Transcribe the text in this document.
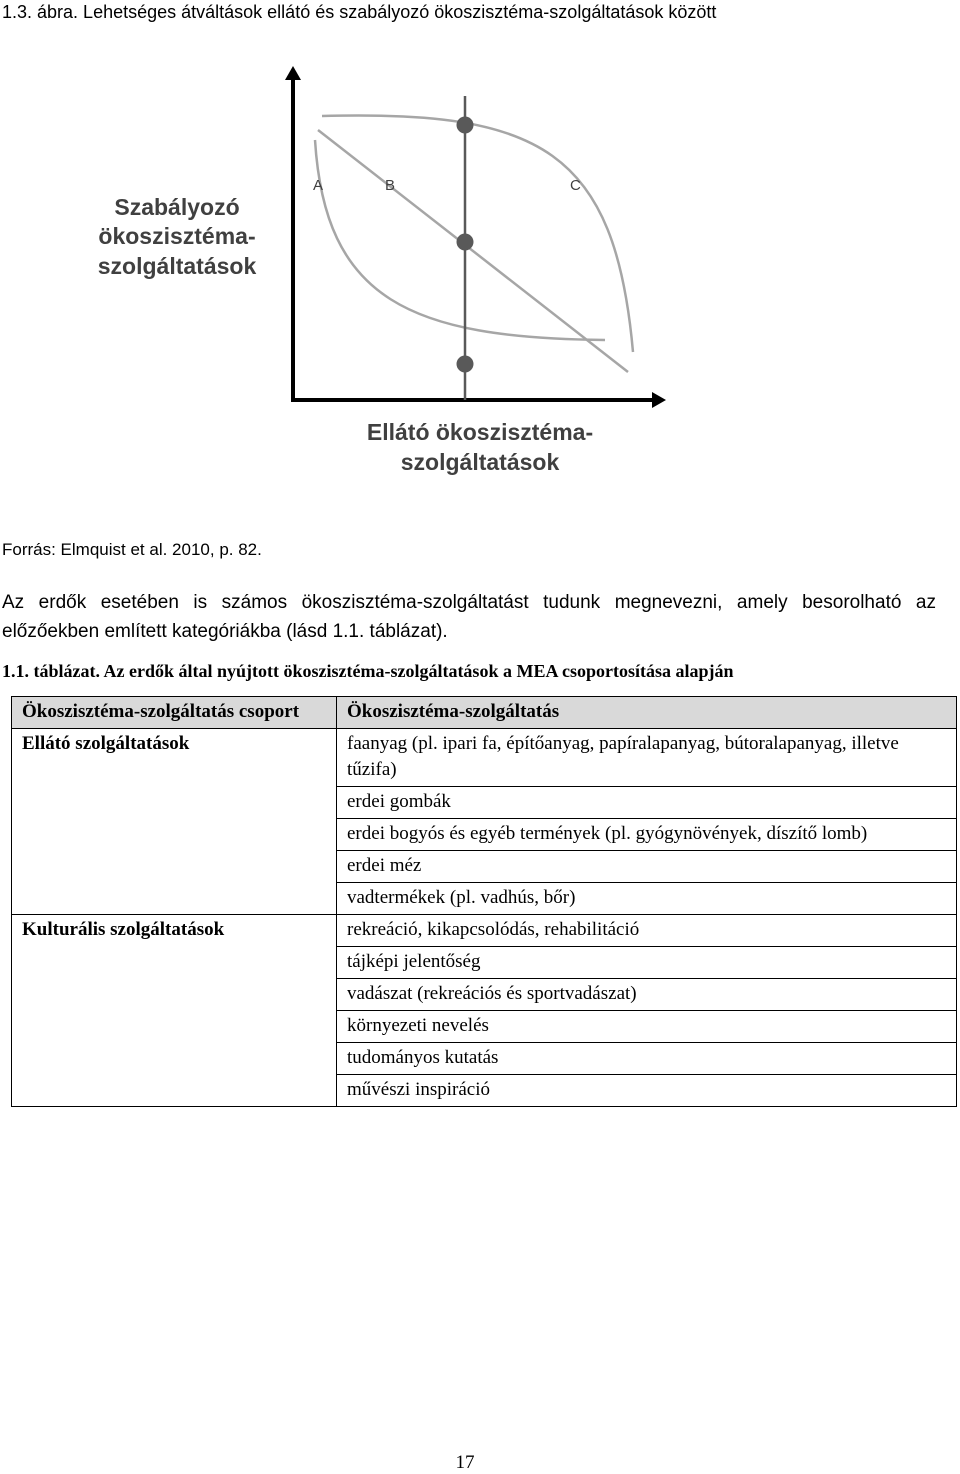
1.3. ábra. Lehetséges átváltások ellátó és szabályozó ökoszisztéma-szolgáltatások között
A	B	C
Szabályozó
ökoszisztéma-
szolgáltatások
Ellátó ökoszisztéma-
szolgáltatások
Forrás: Elmquist et al. 2010, p. 82.
Az erdők esetében is számos ökoszisztéma-szolgáltatást tudunk megnevezni, amely besorolható az előzőekben említett kategóriákba (lásd 1.1. táblázat).
1.1. táblázat. Az erdők által nyújtott ökoszisztéma-szolgáltatások a MEA csoportosítása alapján
Ökoszisztéma-szolgáltatás csoport	Ökoszisztéma-szolgáltatás
Ellátó szolgáltatások	faanyag (pl. ipari fa, építőanyag, papíralapanyag, bútoralapanyag, illetve tűzifa)
	erdei gombák
	erdei bogyós és egyéb termények (pl. gyógynövények, díszítő lomb)
	erdei méz
	vadtermékek (pl. vadhús, bőr)
Kulturális szolgáltatások	rekreáció, kikapcsolódás, rehabilitáció
	tájképi jelentőség
	vadászat (rekreációs és sportvadászat)
	környezeti nevelés
	tudományos kutatás
	művészi inspiráció
17
